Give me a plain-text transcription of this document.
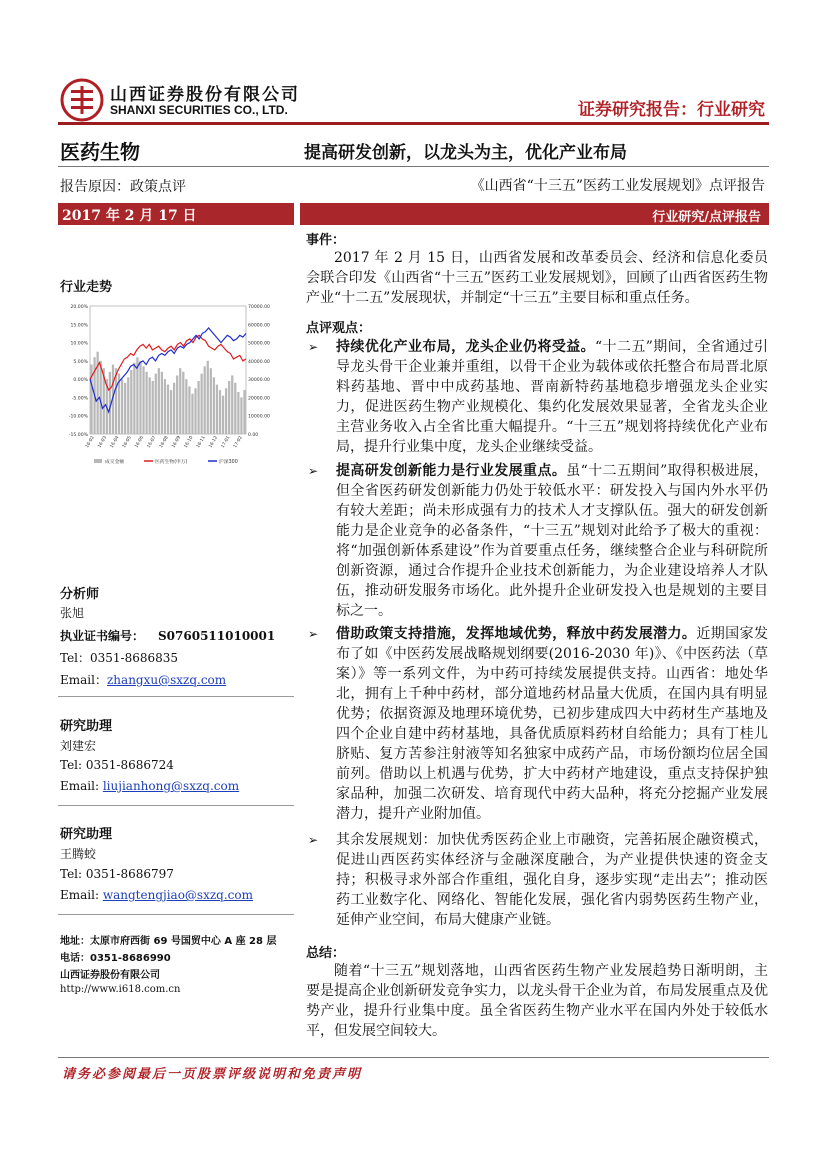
山西证券股份有限公司
SHANXI SECURITIES CO., LTD.	证券研究报告：行业研究
医药生物	提高研发创新，以龙头为主，优化产业布局
报告原因：政策点评	《山西省“十三五”医药工业发展规划》点评报告
2017 年 2 月 17 日	行业研究/点评报告
行业走势
20.00%
15.00%
10.00%
5.00%
0.00%
-5.00%
-10.00%
-15.00%
70000.00
60000.00
50000.00
40000.00
30000.00
20000.00
10000.00
0.00
16-02 16-03 16-04 16-05 16-06 16-07 16-08 16-09 16-10 16-11 16-12 17-01 17-02
成交金额	医药生物(申万)	沪深300
分析师
张旭
执业证书编号： S0760511010001
Tel：0351-8686835
Email：zhangxu@sxzq.com
研究助理
刘建宏
Tel: 0351-8686724
Email: liujianhong@sxzq.com
研究助理
王腾蛟
Tel: 0351-8686797
Email: wangtengjiao@sxzq.com
地址：太原市府西街 69 号国贸中心 A 座 28 层
电话：0351-8686990
山西证券股份有限公司
http://www.i618.com.cn
事件：

2017 年 2 月 15 日，山西省发展和改革委员会、经济和信息化委员会联合印发《山西省“十三五”医药工业发展规划》，回顾了山西省医药生物产业“十二五”发展现状，并制定“十三五”主要目标和重点任务。

点评观点：
➢ 持续优化产业布局，龙头企业仍将受益。“十二五”期间，全省通过引导龙头骨干企业兼并重组，以骨干企业为载体或依托整合布局晋北原料药基地、晋中中成药基地、晋南新特药基地稳步增强龙头企业实力，促进医药生物产业规模化、集约化发展效果显著，全省龙头企业主营业务收入占全省比重大幅提升。“十三五”规划将持续优化产业布局，提升行业集中度，龙头企业继续受益。
➢ 提高研发创新能力是行业发展重点。虽“十二五期间”取得积极进展，但全省医药研发创新能力仍处于较低水平：研发投入与国内外水平仍有较大差距；尚未形成强有力的技术人才支撑队伍。强大的研发创新能力是企业竞争的必备条件，“十三五”规划对此给予了极大的重视：将“加强创新体系建设”作为首要重点任务，继续整合企业与科研院所创新资源，通过合作提升企业技术创新能力，为企业建设培养人才队伍，推动研发服务市场化。此外提升企业研发投入也是规划的主要目标之一。
➢ 借助政策支持措施，发挥地域优势，释放中药发展潜力。近期国家发布了如《中医药发展战略规划纲要(2016-2030 年)》、《中医药法（草案）》等一系列文件，为中药可持续发展提供支持。山西省：地处华北，拥有上千种中药材，部分道地药材品量大优质，在国内具有明显优势；依据资源及地理环境优势，已初步建成四大中药材生产基地及四个企业自建中药材基地，具备优质原料药材自给能力；具有丁桂儿脐贴、复方苦参注射液等知名独家中成药产品，市场份额均位居全国前列。借助以上机遇与优势，扩大中药材产地建设，重点支持保护独家品种，加强二次研发、培育现代中药大品种，将充分挖掘产业发展潜力，提升产业附加值。
➢ 其余发展规划：加快优秀医药企业上市融资，完善拓展企融资模式，促进山西医药实体经济与金融深度融合，为产业提供快速的资金支持；积极寻求外部合作重组，强化自身，逐步实现“走出去”；推动医药工业数字化、网络化、智能化发展，强化省内弱势医药生物产业，延伸产业空间，布局大健康产业链。
总结：

随着“十三五”规划落地，山西省医药生物产业发展趋势日渐明朗，主要是提高企业创新研发竞争实力，以龙头骨干企业为首，布局发展重点及优势产业，提升行业集中度。虽全省医药生物产业水平在国内外处于较低水平，但发展空间较大。

请务必参阅最后一页股票评级说明和免责声明
